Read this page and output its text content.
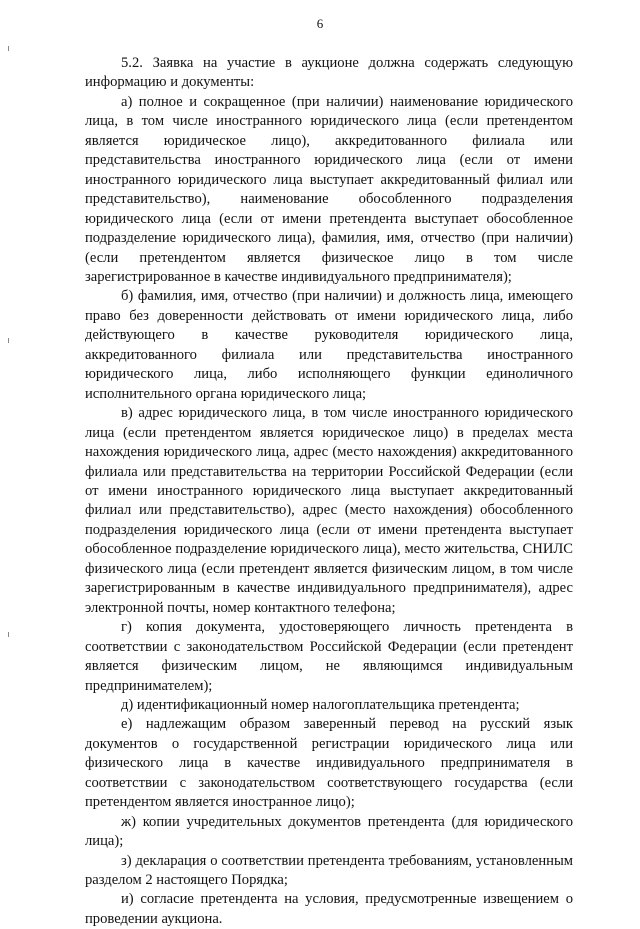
6

5.2. Заявка на участие в аукционе должна содержать следующую информацию и документы:

а) полное и сокращенное (при наличии) наименование юридического лица, в том числе иностранного юридического лица (если претендентом является юридическое лицо), аккредитованного филиала или представительства иностранного юридического лица (если от имени иностранного юридического лица выступает аккредитованный филиал или представительство), наименование обособленного подразделения юридического лица (если от имени претендента выступает обособленное подразделение юридического лица), фамилия, имя, отчество (при наличии) (если претендентом является физическое лицо в том числе зарегистрированное в качестве индивидуального предпринимателя);

б) фамилия, имя, отчество (при наличии) и должность лица, имеющего право без доверенности действовать от имени юридического лица, либо действующего в качестве руководителя юридического лица, аккредитованного филиала или представительства иностранного юридического лица, либо исполняющего функции единоличного исполнительного органа юридического лица;

в) адрес юридического лица, в том числе иностранного юридического лица (если претендентом является юридическое лицо) в пределах места нахождения юридического лица, адрес (место нахождения) аккредитованного филиала или представительства на территории Российской Федерации (если от имени иностранного юридического лица выступает аккредитованный филиал или представительство), адрес (место нахождения) обособленного подразделения юридического лица (если от имени претендента выступает обособленное подразделение юридического лица), место жительства, СНИЛС физического лица (если претендент является физическим лицом, в том числе зарегистрированным в качестве индивидуального предпринимателя), адрес электронной почты, номер контактного телефона;

г) копия документа, удостоверяющего личность претендента в соответствии с законодательством Российской Федерации (если претендент является физическим лицом, не являющимся индивидуальным предпринимателем);

д) идентификационный номер налогоплательщика претендента;

е) надлежащим образом заверенный перевод на русский язык документов о государственной регистрации юридического лица или физического лица в качестве индивидуального предпринимателя в соответствии с законодательством соответствующего государства (если претендентом является иностранное лицо);

ж) копии учредительных документов претендента (для юридического лица);

з) декларация о соответствии претендента требованиям, установленным разделом 2 настоящего Порядка;

и) согласие претендента на условия, предусмотренные извещением о проведении аукциона.
